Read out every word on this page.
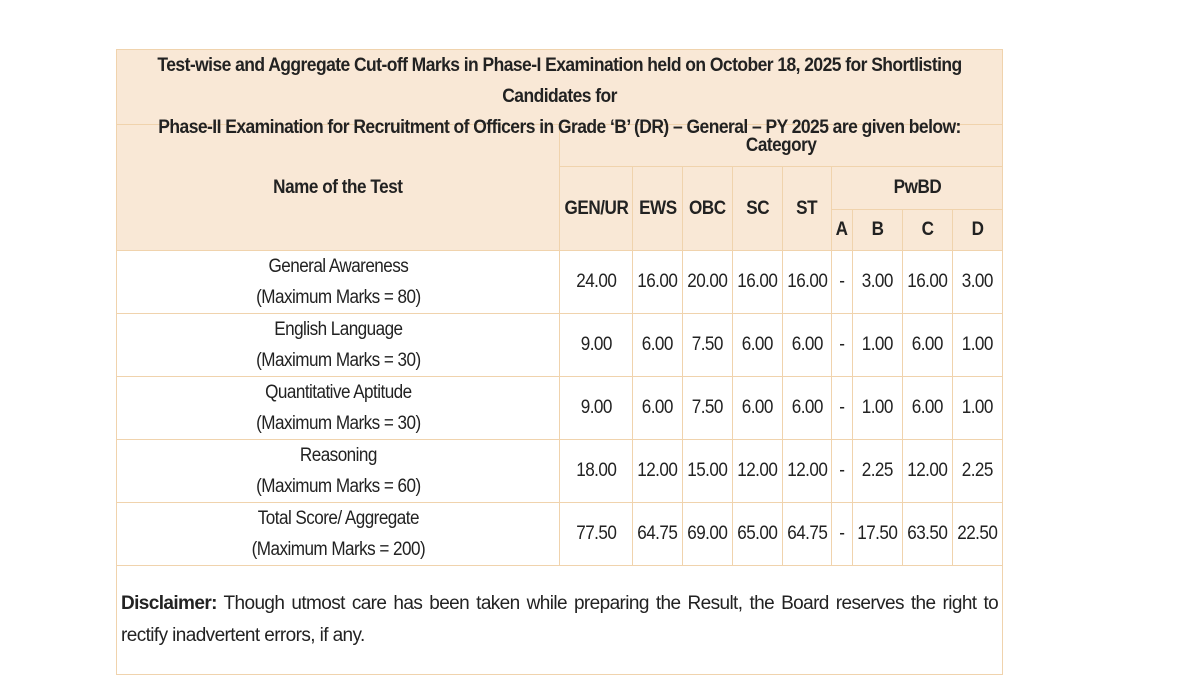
Test-wise and Aggregate Cut-off Marks in Phase-I Examination held on October 18, 2025 for Shortlisting Candidates for
Phase-II Examination for Recruitment of Officers in Grade ‘B’ (DR) – General – PY 2025 are given below:									

Name of the Test	Category								
	GEN/UR	EWS	OBC	SC	ST	PwBD			
						A	B	C	D

General Awareness
(Maximum Marks = 80)	24.00	16.00	20.00	16.00	16.00	-	3.00	16.00	3.00

English Language
(Maximum Marks = 30)	9.00	6.00	7.50	6.00	6.00	-	1.00	6.00	1.00

Quantitative Aptitude
(Maximum Marks = 30)	9.00	6.00	7.50	6.00	6.00	-	1.00	6.00	1.00

Reasoning
(Maximum Marks = 60)	18.00	12.00	15.00	12.00	12.00	-	2.25	12.00	2.25

Total Score/ Aggregate
(Maximum Marks = 200)	77.50	64.75	69.00	65.00	64.75	-	17.50	63.50	22.50
Disclaimer: Though utmost care has been taken while preparing the Result, the Board reserves the right to rectify inadvertent errors, if any.									
